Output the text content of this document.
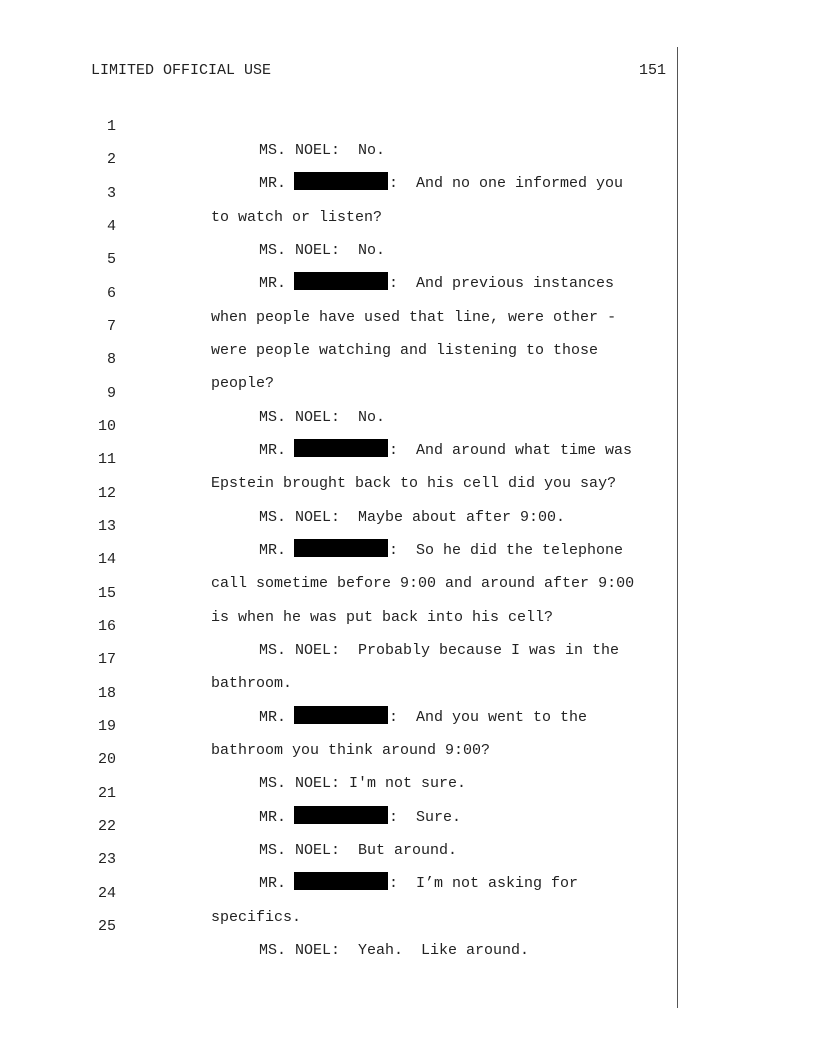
LIMITED OFFICIAL USE	151

1

MS. NOEL:  No.

2

MR.	:  And no one informed you

3

to watch or listen?

4

MS. NOEL:  No.

5

MR.	:  And previous instances

6

when people have used that line, were other -

7

were people watching and listening to those

8

people?

9

MS. NOEL:  No.

10

MR.	:  And around what time was

11

Epstein brought back to his cell did you say?

12

MS. NOEL:  Maybe about after 9:00.

13

MR.	:  So he did the telephone

14

call sometime before 9:00 and around after 9:00

15

is when he was put back into his cell?

16

MS. NOEL:  Probably because I was in the

17

bathroom.

18

MR.	:  And you went to the

19

bathroom you think around 9:00?

20

MS. NOEL: I'm not sure.

21

MR.	:  Sure.

22

MS. NOEL:  But around.

23

MR.	:  I’m not asking for

24

specifics.

25

MS. NOEL:  Yeah.  Like around.
